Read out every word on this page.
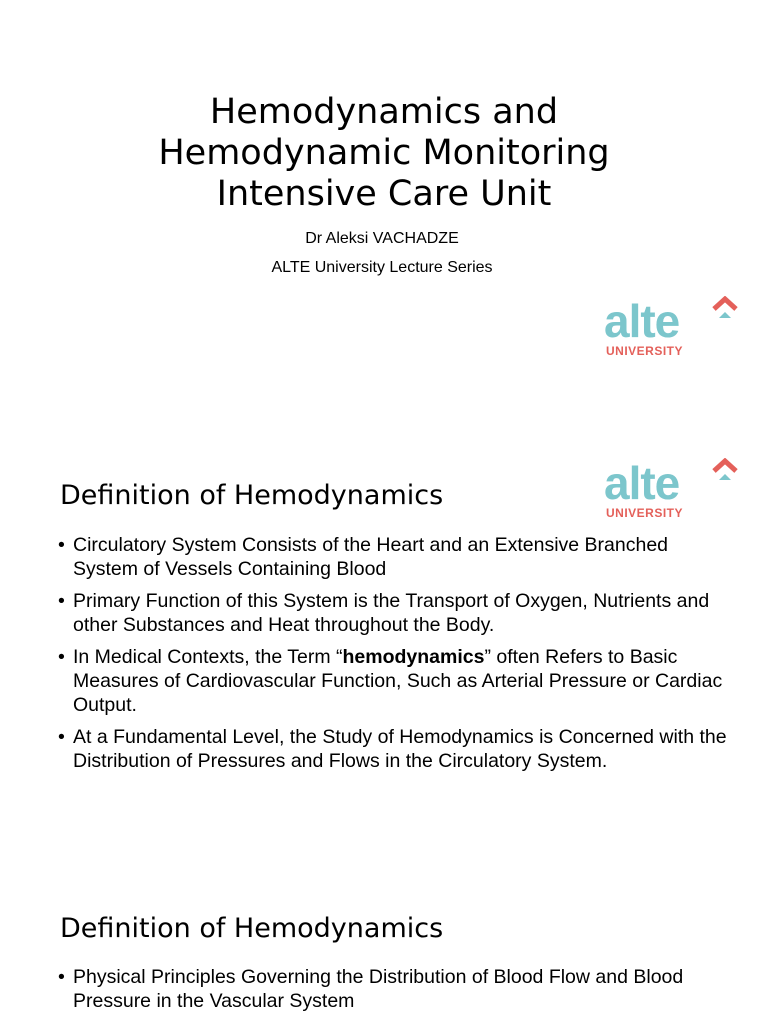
Hemodynamics and
Hemodynamic Monitoring
Intensive Care Unit

Dr Aleksi VACHADZE

ALTE University Lecture Series

alte
UNIVERSITY
Definition of Hemodynamics	alte
UNIVERSITY
• Circulatory System Consists of the Heart and an Extensive Branched System of Vessels Containing Blood
• Primary Function of this System is the Transport of Oxygen, Nutrients and other Substances and Heat throughout the Body.
• In Medical Contexts, the Term “hemodynamics” often Refers to Basic Measures of Cardiovascular Function, Such as Arterial Pressure or Cardiac Output.
• At a Fundamental Level, the Study of Hemodynamics is Concerned with the Distribution of Pressures and Flows in the Circulatory System.
Definition of Hemodynamics
• Physical Principles Governing the Distribution of Blood Flow and Blood Pressure in the Vascular System
